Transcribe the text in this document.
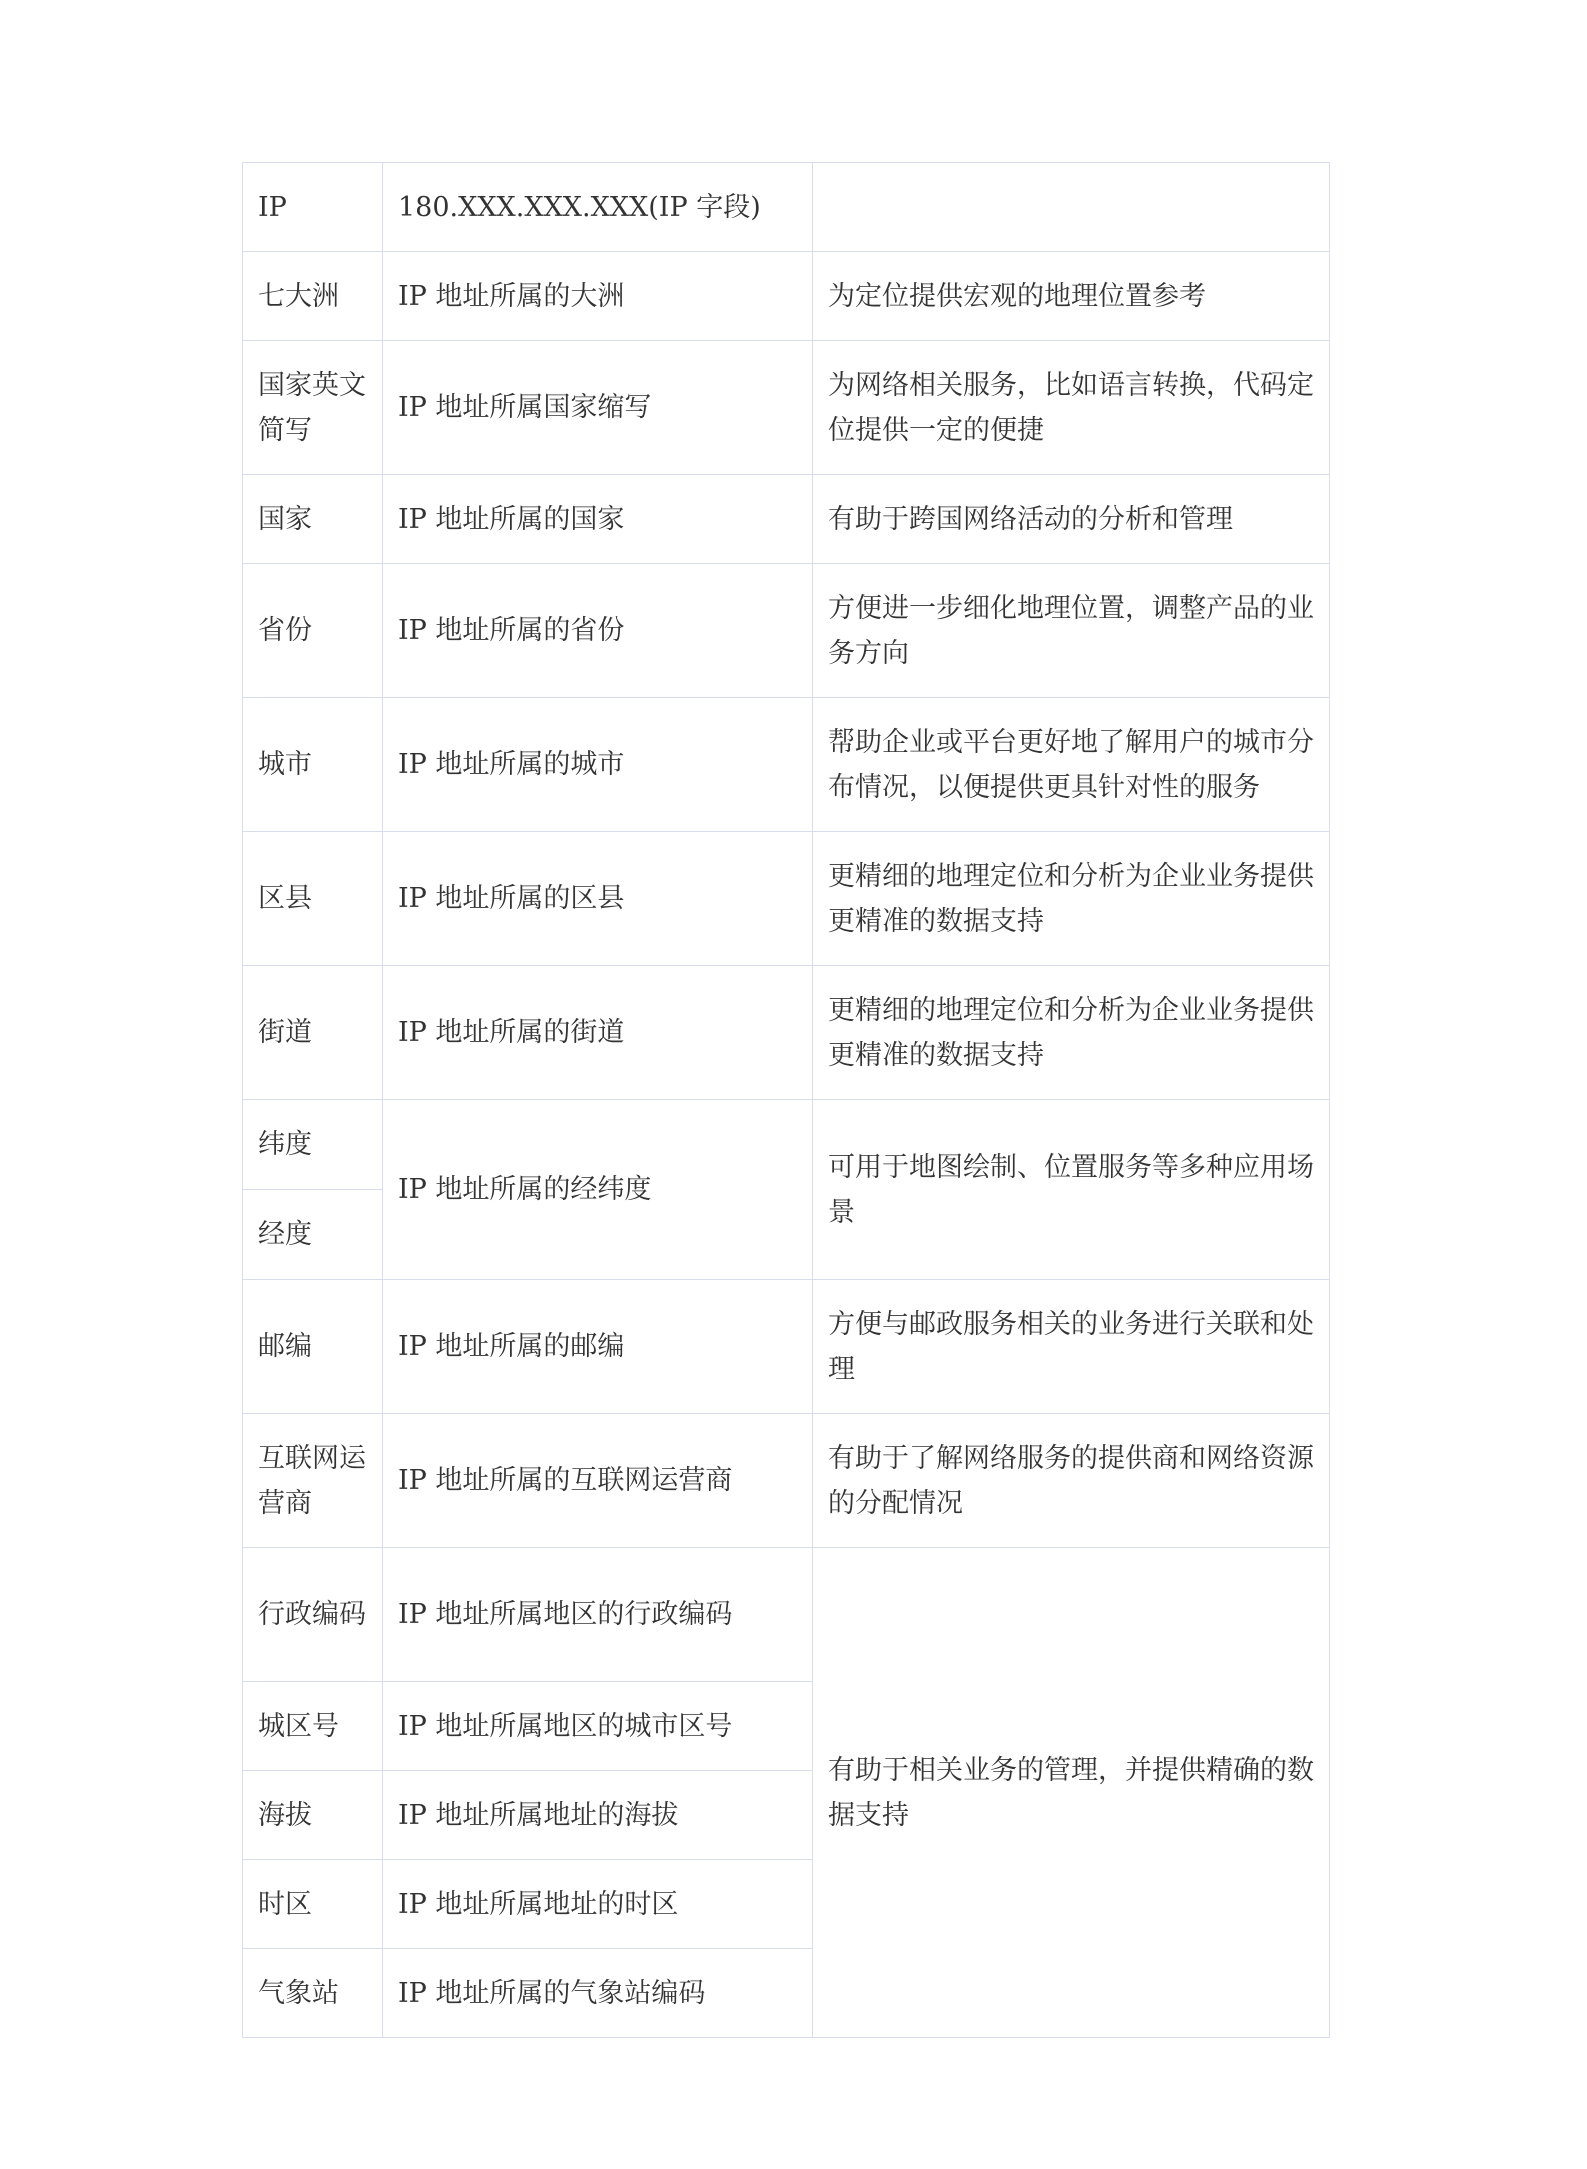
IP	180.XXX.XXX.XXX(IP 字段)	
七大洲	IP 地址所属的大洲	为定位提供宏观的地理位置参考
国家英文简写	IP 地址所属国家缩写	为网络相关服务，比如语言转换，代码定位提供一定的便捷
国家	IP 地址所属的国家	有助于跨国网络活动的分析和管理
省份	IP 地址所属的省份	方便进一步细化地理位置，调整产品的业务方向
城市	IP 地址所属的城市	帮助企业或平台更好地了解用户的城市分布情况，以便提供更具针对性的服务
区县	IP 地址所属的区县	更精细的地理定位和分析为企业业务提供更精准的数据支持
街道	IP 地址所属的街道	更精细的地理定位和分析为企业业务提供更精准的数据支持
纬度	IP 地址所属的经纬度	可用于地图绘制、位置服务等多种应用场景
经度		
邮编	IP 地址所属的邮编	方便与邮政服务相关的业务进行关联和处理
互联网运营商	IP 地址所属的互联网运营商	有助于了解网络服务的提供商和网络资源的分配情况
行政编码	IP 地址所属地区的行政编码	有助于相关业务的管理，并提供精确的数据支持
城区号	IP 地址所属地区的城市区号	
海拔	IP 地址所属地址的海拔	
时区	IP 地址所属地址的时区	
气象站	IP 地址所属的气象站编码	
